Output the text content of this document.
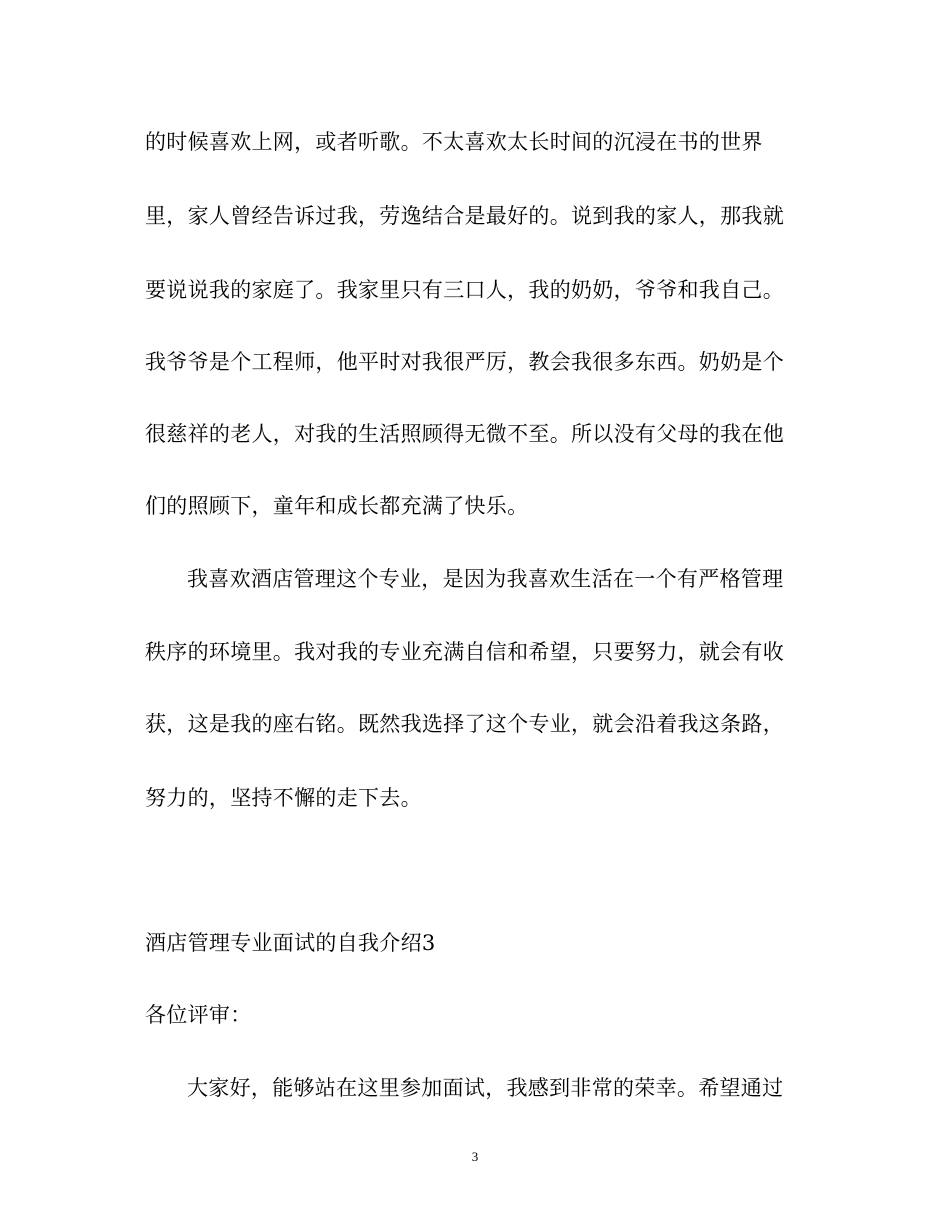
的时候喜欢上网，或者听歌。不太喜欢太长时间的沉浸在书的世界
里，家人曾经告诉过我，劳逸结合是最好的。说到我的家人，那我就
要说说我的家庭了。我家里只有三口人，我的奶奶，爷爷和我自己。
我爷爷是个工程师，他平时对我很严厉，教会我很多东西。奶奶是个
很慈祥的老人，对我的生活照顾得无微不至。所以没有父母的我在他
们的照顾下，童年和成长都充满了快乐。
我喜欢酒店管理这个专业，是因为我喜欢生活在一个有严格管理
秩序的环境里。我对我的专业充满自信和希望，只要努力，就会有收
获，这是我的座右铭。既然我选择了这个专业，就会沿着我这条路，
努力的，坚持不懈的走下去。
酒店管理专业面试的自我介绍3
各位评审：
大家好，能够站在这里参加面试，我感到非常的荣幸。希望通过
3
